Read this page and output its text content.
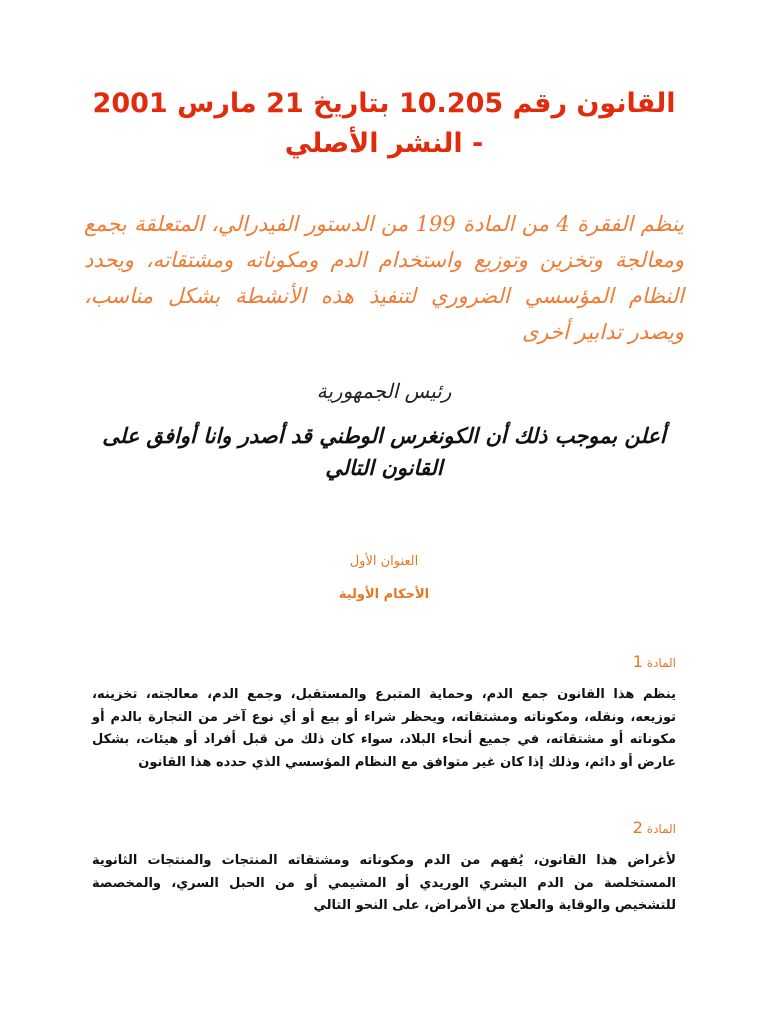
القانون رقم 10.205 بتاريخ 21 مارس 2001 - النشر الأصلي

ينظم الفقرة 4 من المادة 199 من الدستور الفيدرالي، المتعلقة بجمع ومعالجة وتخزين وتوزيع واستخدام الدم ومكوناته ومشتقاته، ويحدد النظام المؤسسي الضروري لتنفيذ هذه الأنشطة بشكل مناسب، ويصدر تدابير أخرى

رئيس الجمهورية

أعلن بموجب ذلك أن الكونغرس الوطني قد أصدر وانا أوافق على القانون التالي

العنوان الأول

الأحكام الأولية

المادة 1

ينظم هذا القانون جمع الدم، وحماية المتبرع والمستقبل، وجمع الدم، معالجته، تخزينه، توزيعه، ونقله، ومكوناته ومشتقاته، ويحظر شراء أو بيع أو أي نوع آخر من التجارة بالدم أو مكوناته أو مشتقاته، في جميع أنحاء البلاد، سواء كان ذلك من قبل أفراد أو هيئات، بشكل عارض أو دائم، وذلك إذا كان غير متوافق مع النظام المؤسسي الذي حدده هذا القانون

المادة 2

لأغراض هذا القانون، يُفهم من الدم ومكوناته ومشتقاته المنتجات والمنتجات الثانوية المستخلصة من الدم البشري الوريدي أو المشيمي أو من الحبل السري، والمخصصة للتشخيص والوقاية والعلاج من الأمراض، على النحو التالي
